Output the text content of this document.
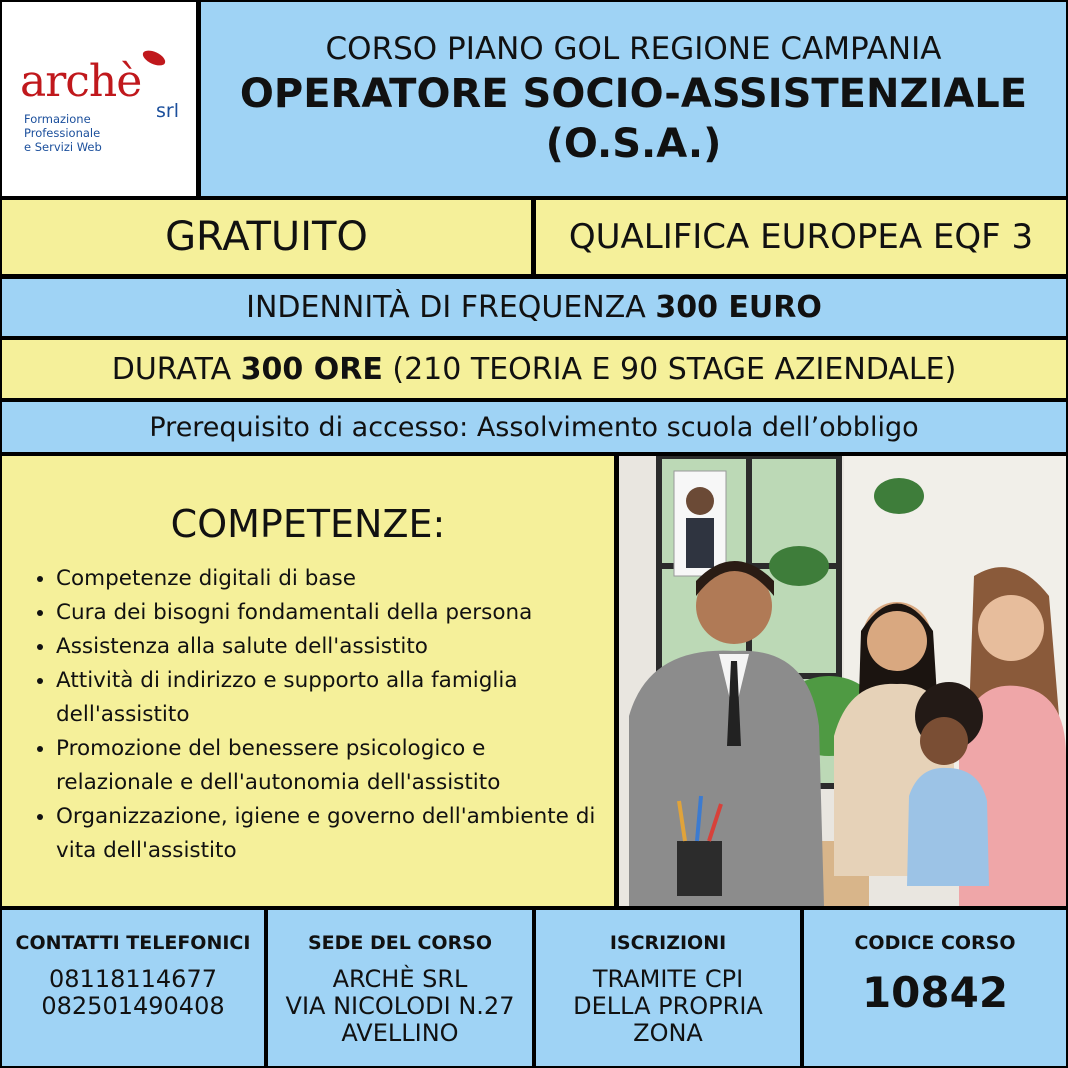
archè
srl
Formazione
Professionale
e Servizi Web
CORSO PIANO GOL REGIONE CAMPANIA
OPERATORE SOCIO-ASSISTENZIALE
(O.S.A.)
GRATUITO	QUALIFICA EUROPEA EQF 3
INDENNITÀ DI FREQUENZA 300 EURO
DURATA 300 ORE (210 TEORIA E 90 STAGE AZIENDALE)
Prerequisito di accesso: Assolvimento scuola dell’obbligo
COMPETENZE:
• Competenze digitali di base
• Cura dei bisogni fondamentali della persona
• Assistenza alla salute dell'assistito
• Attività di indirizzo e supporto alla famiglia dell'assistito
• Promozione del benessere psicologico e relazionale e dell'autonomia dell'assistito
• Organizzazione, igiene e governo dell'ambiente di vita dell'assistito
CONTATTI TELEFONICI
08118114677
082501490408
SEDE DEL CORSO
ARCHÈ SRL
VIA NICOLODI N.27
AVELLINO
ISCRIZIONI
TRAMITE CPI
DELLA PROPRIA
ZONA
CODICE CORSO
10842
